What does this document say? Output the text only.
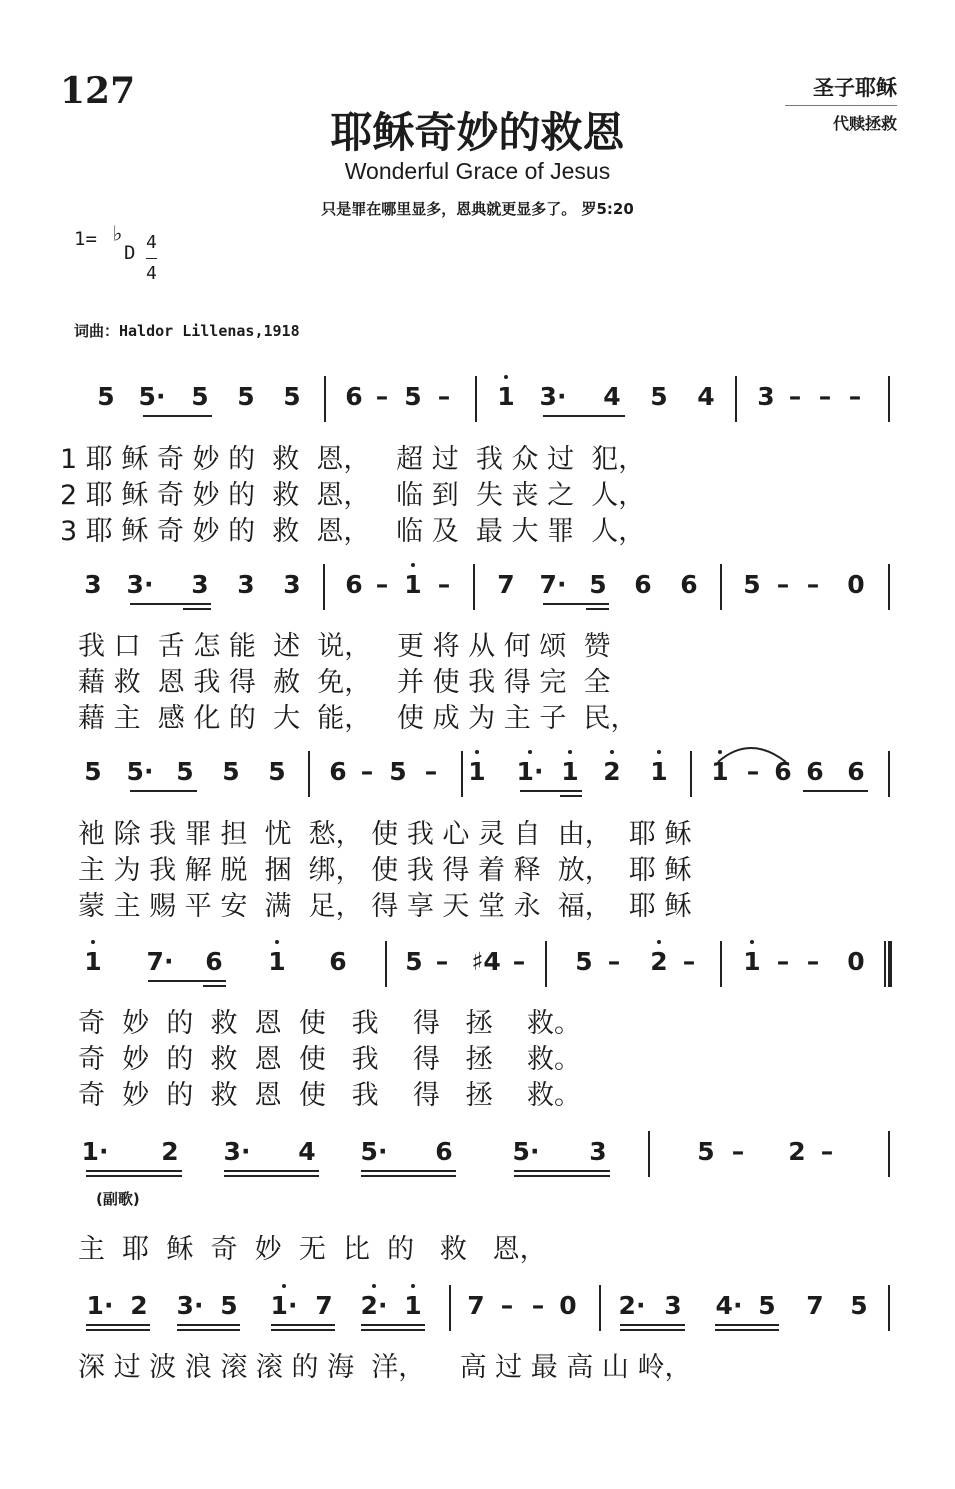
127
耶稣奇妙的救恩
Wonderful Grace of Jesus
只是罪在哪里显多，恩典就更显多了。 罗5:20
圣子耶稣
代赎拯救
1= ♭
D 4
4
词曲：Haldor Lillenas,1918
5 5· 5 5 5 6 – 5 – 1 3· 4 5 4 3 – – –
3 3· 3 3 3 6 – 1 – 7 7· 5 6 6 5 – – 0
5 5· 5 5 5 6 – 5 – 1 1· 1 2 1 1 – 6 6 6
1 7· 6 1 6 5 – ♯4 – 5 – 2 – 1 – – 0
1· 2 3· 4 5· 6 5· 3	5 – 2 –
1· 2 3· 5 1· 7 2· 1 7 – – 0 2· 3 4· 5 7 5
1 耶 稣 奇 妙 的  救  恩，   超 过  我 众 过  犯，
2 耶 稣 奇 妙 的  救  恩，   临 到  失 丧 之  人，
3 耶 稣 奇 妙 的  救  恩，   临 及  最 大 罪  人，
我 口  舌 怎 能  述  说，   更 将 从 何 颂  赞
藉 救  恩 我 得  赦  免，   并 使 我 得 完  全
藉 主  感 化 的  大  能，   使 成 为 主 子  民，
衪 除 我 罪 担  忧  愁， 使 我 心 灵 自  由，  耶 稣
主 为 我 解 脱  捆  绑， 使 我 得 着 释  放，  耶 稣
蒙 主 赐 平 安  满  足， 得 享 天 堂 永  福，  耶 稣
奇  妙  的  救  恩  使   我    得   拯    救。
奇  妙  的  救  恩  使   我    得   拯    救。
奇  妙  的  救  恩  使   我    得   拯    救。
(副歌)
主  耶  稣  奇  妙  无  比  的   救   恩，
深 过 波 浪 滚 滚 的 海  洋，    高 过 最 高 山 岭，
